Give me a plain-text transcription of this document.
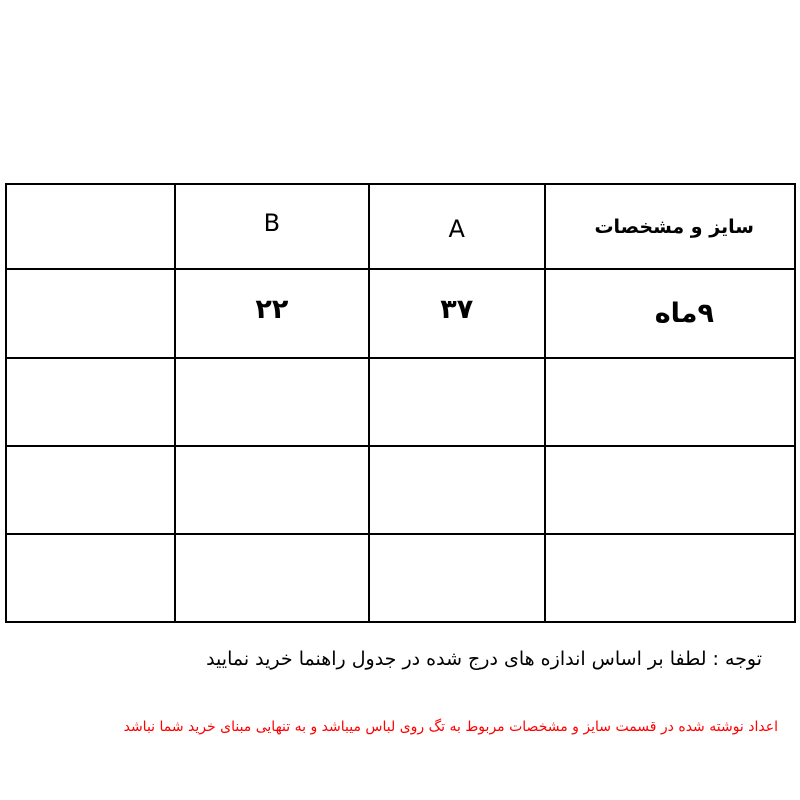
	B	A	سایز و مشخصات
	۲۲	۳۷	۹ماه

توجه : لطفا بر اساس اندازه های درج شده در جدول راهنما خرید نمایید
اعداد نوشته شده در قسمت سایز و مشخصات مربوط به تگ روی لباس میباشد و به تنهایی مبنای خرید شما نباشد
